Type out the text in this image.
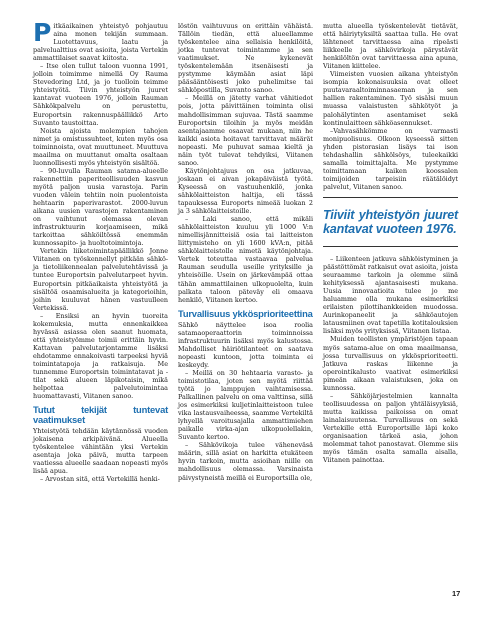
Pitkäaikainen yhteistyö pohjautuu aina monen tekijän summaan. Luotettavuus, laatu ja palvelualttius ovat asioita, joista Vertekin ammattilaiset saavat kiitosta.

– Itse olen tullut taloon vuonna 1991, jolloin toimimme nimellä Oy Rauma Stevedoring Ltd, ja jo tuolloin teimme yhteistyötä. Tiivin yhteistyön juuret kantavat vuoteen 1976, jolloin Rauman Sähkökpalvelu on perustettu, Europortsin rakennuspäällikkö Arto Suvanto taustoittaa.

Noista ajoista molempien tahojen nimet ja omistussuhteet, kuten myös osa toiminnoista, ovat muuttuneet. Muuttuva maailma on muuttanut omalta osaltaan luonnollisesti myös yhteistyön sisältöä.

– 90-luvulla Rauman satama-alueelle rakennettiin paperiteollisuuden kasvun myötä paljon uusia varastoja. Parin vuoden välein tehtiin noin puolentoista hehtaarin paperivarastot. 2000-luvun aikana uusien varastojen rakentaminen on vaihtunut olemassa olevan infrastruktuurin korjaamiseen, mikä tarkoittaa sähköiltössä enemmän kunnossapito- ja huoltotoimintoja.

Vertekin liiketoimintapäällikkö Jonne Viitanen on työskennellyt pitkään sähkö- ja tietoliikennealan palvelutehtävissä ja tuntee Europortsin palvelutarpeet hyvin. Europortsin pitkäaikaista yhteistyötä ja sisältöä osaamisalueita ja kategorioihin, joihin kuuluvat hänen vastuulleen Vertekissä.

– Ensiksi an hyvin tuoreita kokemuksia, mutta ennenkaikkea hyvässä asiassa olen saanut huomata, että yhteistyömme toimii erittäin hyvin. Kattavan palvelutarjontamme lisäksi ehdotamme ennakoivasti tarpeeksi hyviä toimintatapoja ja ratkaisuja. Me tunnemme Europortsin toimintatavat ja -tilat sekä alueen läpikotaisin, mikä helpottaa palvelutoimintaa huomattavasti, Viitanen sanoo.

Tutut tekijät tuntevat vaatimukset

Yhteistyötä tehdään käytännössä vuoden jokaisena arkipäivänä. Alueella työskentelee vähintään yksi Vertekin asentaja joka päivä, mutta tarpeen vaatiessa alueelle saadaan nopeasti myös lisää apua.

– Arvostan sitä, että Vertekillä henki-

löstön vaihtuvuus on erittäin vähäistä. Tällöin tiedän, että alueellamme työskentelee aina sellaisia henkilöitä, jotka tuntevat toimintamme ja sen vaatimukset. Ne kykenevät työskentelemään itsenäisesti ja pystymme käymään asiat läpi pääsääntöisesti joko puhelimitse tai sähköpostilla, Suvanto sanoo.

– Meillä on jätetty varhat vähitiedot pois, jotta päivittäinen toiminta olisi mahdollisimman sujuvaa. Tästä saamme Europortsin tiloihin ja myös meidän asentajaamme osaavat mukaan, niin he kaikki asiota hoitavat tarvittavat määrät nopeasti. Me puhuvat samaa kieltä ja näin työt tulevat tehdyiksi, Viitanen sanoo.

Käytönjohtajuus on osa jatkuvaa, joskaan ei aivan jokapäiväistä työtä. Kyseessä on vastuuhenkilö, jonka sähkölaitteiston haltija, eli tässä tapauksessa Euroports nimeää luokan 2 ja 3 sähkölaitteistoille.

– Laki sanoo, että mikäli sähkölaitteiston kuuluu yli 1000 V:n nimellisjännitteisiä osia tai laitteiston liittymisteho on yli 1600 kVA:n, pitää sähkölaitteistolle nimetä käytönjohtaja. Vertek toteuttaa vastaavaa palvelua Rauman seudulla useille yrityksille ja yhteisöille. Usein on järkevämpää ottaa tähän ammattilainen ulkopuolelta, kuin palkata taloon päteväy eli omaava henkilö, Viitanen kertoo.

Turvallisuus ykkösprioriteettina

Sähkö näyttelee isoa roolia satamaoperaattorin toiminnoissa infrastruktuurin lisäksi myös kalustossa. Mahdolliset häiriötilanteet on saatava nopeasti kuntoon, jotta toiminta ei keskeydy.

– Meillä on 30 hehtaaria varasto- ja toimistotilaa, joten sen myötä riittää työtä jo lamppujen vaihtamisessa. Palkallinen palvelu on oma valttinsa, sillä jos esimerkiksi kuljetinlaitteistoon tulee vika lastausvaiheessa, saamme Vertekiltä lyhyellä varoitusajalla ammattimiehen paikalle virka-ajan ulkopuolellakin, Suvanto kertoo.

– Sähkövikoja tulee väheneväsä määrin, sillä asiat on harkitta etukäteen hyvin tarkoin, mutta asioihan niille on mahdollisuus olemassa. Varsinaista päivystyneistä meillä ei Europortsilla ole,

mutta alueella työskentelevät tietävät, että häiriytyksiltä saattaa tulla. He ovat lähteneet tarvittaessa aina ripeästi liikkeelle ja sähkövirkoja pärystävät henkilöltön ovat tarvittaessa aina apuna, Viitanen kiittelee.

Viimeisten vuosien aikana yhteistyön isompia kokonaisuuksia ovat olleet puutavaraaltoiminnasaeman ja sen hallien rakentaminen. Työ sisälsi muun muassa valaistusten sähkötyöt ja palohälytinten asentamiset sekä kontinulaitteen sähköasennukset.

–Vahvasähkömme on varmasti monipuolisuus. Olkoon kyseessä sitten yhden pistorasian lisäys tai ison tehdashallin sähkölsöys, tuleekaikki samalla toimittajalta. Me pystymme toimittamaan kaiken koossalen toimijoiden tarpeisiin räätälöidyt palvelut, Viitanen sanoo.

Tiiviit yhteistyön juuret kantavat vuoteen 1976.

– Liikenteen jatkuva sähköistyminen ja päästöttömät ratkaisut ovat asioita, joista seuraamme tarkoin ja olemme siinä kehityksessä ajantasaisesti mukana. Uusia innovaatioita tulee jo me haluamme olla mukana esimerkiksi erilaisten pilottihankkeiden muodossa. Aurinkopaneelit ja sähköautojen latausmiinen ovat tapetilla kotitalouksien lisäksi myös yrityksissä, Viitanen listaa.

Muiden teollisten ympäristöjen tapaan myös satama-alue on oma maailmansa, jossa turvallisuus on ykkösprioriteetti. Jatkuva raskas liikenne ja operointikalusto vaativat esimerkiksi pimeän aikaan valaistuksen, joka on kunnossa.

– Sähköjärjestelmien kannalta teollisuudessa on paljon yhtäläisyyksiä, mutta kaikissa paikoissa on omat lainalaisuutensa. Turvallisuus on sekä Vertekille että Europortsille läpi koko organisaation tärkeä asia, johon molemmat tahot panostavat. Olemme siis myös tämän osalta samalla aisalla, Viitanen painottaa.

17
